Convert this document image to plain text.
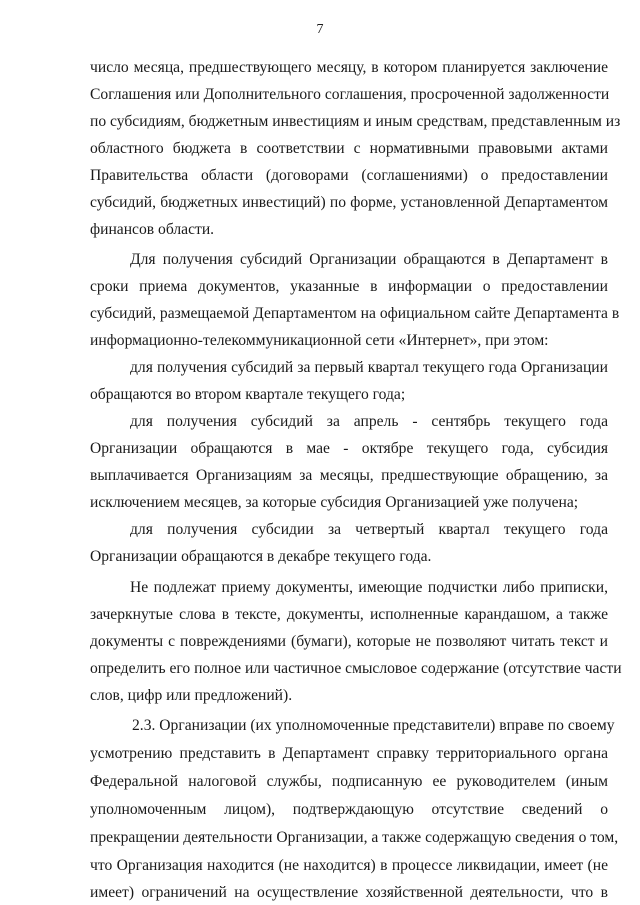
7
число месяца, предшествующего месяцу, в котором планируется заключение
Соглашения или Дополнительного соглашения, просроченной задолженности
по субсидиям, бюджетным инвестициям и иным средствам, представленным из
областного бюджета в соответствии с нормативными правовыми актами
Правительства области (договорами (соглашениями) о предоставлении
субсидий, бюджетных инвестиций) по форме, установленной Департаментом
финансов области.
Для получения субсидий Организации обращаются в Департамент в
сроки приема документов, указанные в информации о предоставлении
субсидий, размещаемой Департаментом на официальном сайте Департамента в
информационно-телекоммуникационной сети «Интернет», при этом:
для получения субсидий за первый квартал текущего года Организации
обращаются во втором квартале текущего года;
для получения субсидий за апрель - сентябрь текущего года
Организации обращаются в мае - октябре текущего года, субсидия
выплачивается Организациям за месяцы, предшествующие обращению, за
исключением месяцев, за которые субсидия Организацией уже получена;
для получения субсидии за четвертый квартал текущего года
Организации обращаются в декабре текущего года.
Не подлежат приему документы, имеющие подчистки либо приписки,
зачеркнутые слова в тексте, документы, исполненные карандашом, а также
документы с повреждениями (бумаги), которые не позволяют читать текст и
определить его полное или частичное смысловое содержание (отсутствие части
слов, цифр или предложений).
2.3. Организации (их уполномоченные представители) вправе по своему
усмотрению представить в Департамент справку территориального органа
Федеральной налоговой службы, подписанную ее руководителем (иным
уполномоченным лицом), подтверждающую отсутствие сведений о
прекращении деятельности Организации, а также содержащую сведения о том,
что Организация находится (не находится) в процессе ликвидации, имеет (не
имеет) ограничений на осуществление хозяйственной деятельности, что в
